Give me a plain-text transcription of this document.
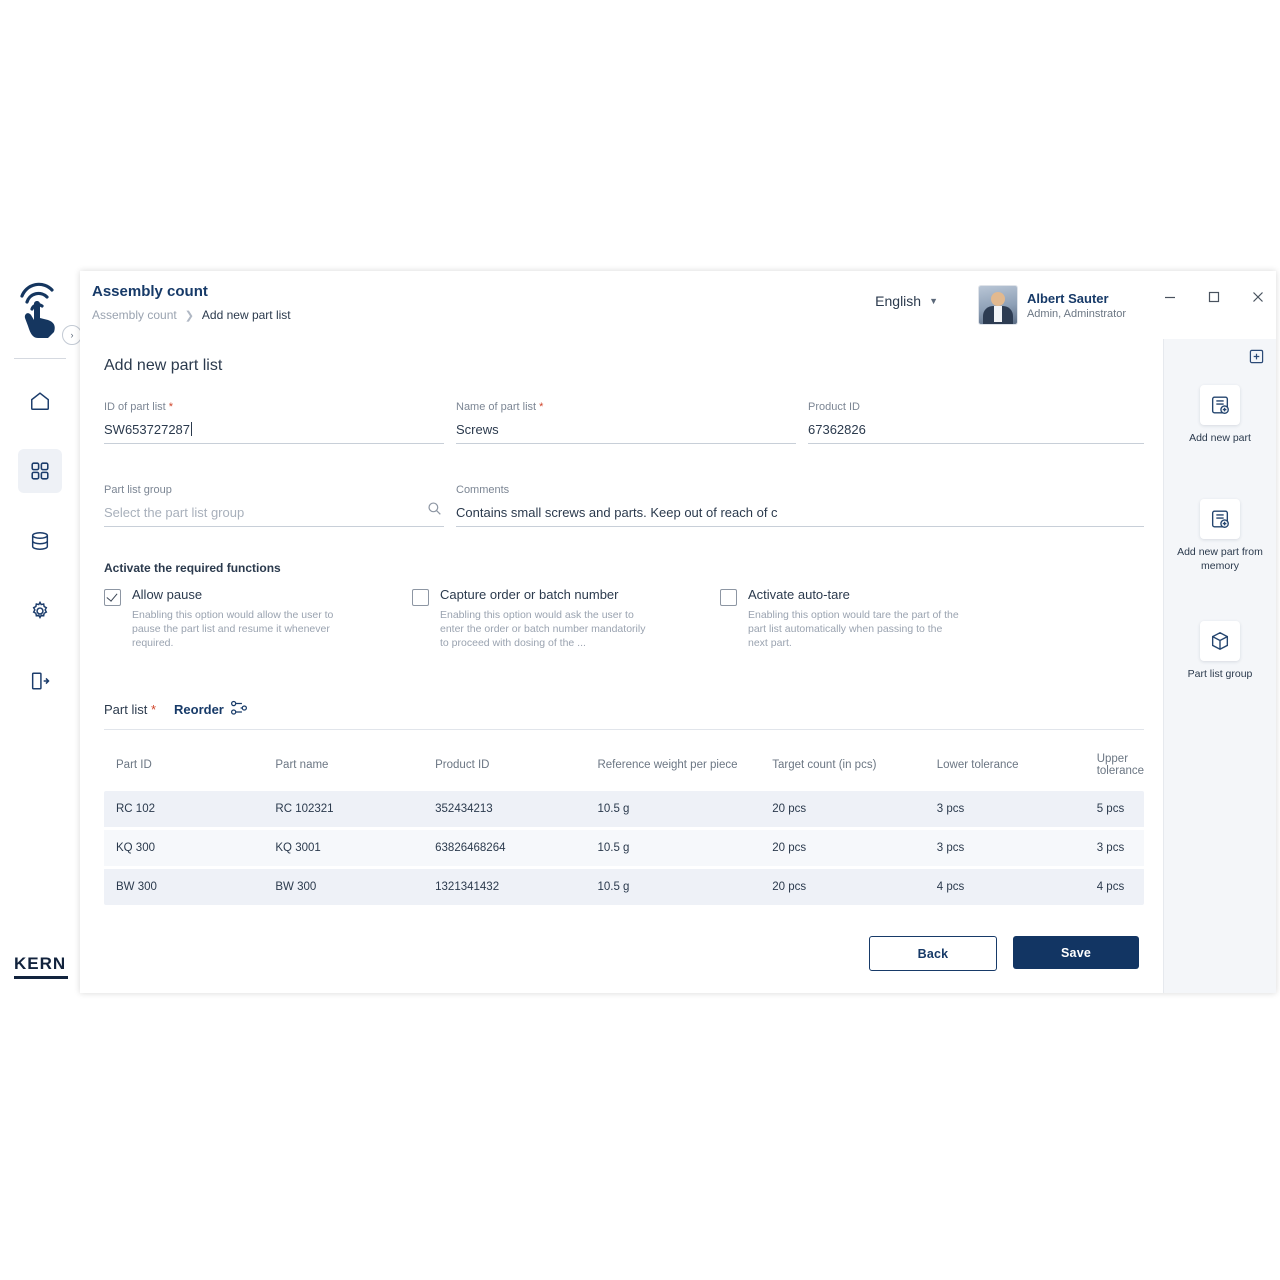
›
KERN
Assembly count
Assembly count ❯ Add new part list
English ▼	Albert Sauter
Admin, Adminstrator
Add new part list
ID of part list *
SW653727287
Name of part list *
Screws
Product ID
67362826
Part list group
Select the part list group
Comments
Contains small screws and parts. Keep out of reach of c
Activate the required functions
Allow pause
Enabling this option would allow the user to pause the part list and resume it whenever required.
Capture order or batch number
Enabling this option would ask the user to enter the order or batch number mandatorily to proceed with dosing of the ...
Activate auto-tare
Enabling this option would tare the part of the part list automatically when passing to the next part.
Part list * Reorder
Part ID	Part name	Product ID	Reference weight per piece	Target count (in pcs)	Lower tolerance	Upper tolerance
RC 102	RC 102321	352434213	10.5 g	20 pcs	3 pcs	5 pcs
KQ 300	KQ 3001	63826468264	10.5 g	20 pcs	3 pcs	3 pcs
BW 300	BW 300	1321341432	10.5 g	20 pcs	4 pcs	4 pcs
Back	Save
Add new part
Add new part from memory
Part list group
